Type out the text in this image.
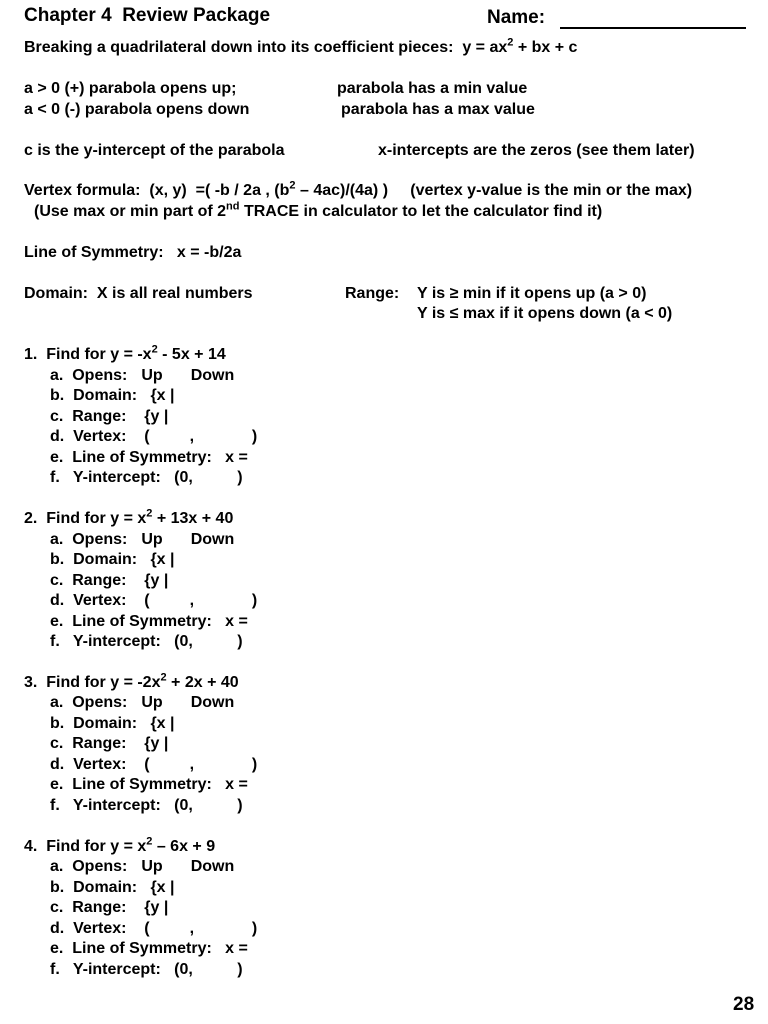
Chapter 4  Review Package	Name:
Breaking a quadrilateral down into its coefficient pieces:  $y = ax^2$ + bx + c
a > 0 (+) parabola opens up;	parabola has a min value
a < 0 (-) parabola opens down	parabola has a max value
c is the y-intercept of the parabola	x-intercepts are the zeros (see them later)
Vertex formula:  (x, y)  =( -b / 2a , $(b^2 - 4ac)/(4a)$ )     (vertex y-value is the min or the max)
(Use max or min part of 2nd TRACE in calculator to let the calculator find it)
Line of Symmetry:   x = -b/2a
Domain:  X is all real numbers	Range: Y is ≥ min if it opens up (a > 0)
Y is ≤ max if it opens down (a < 0)
1.  Find for $y = -x^2 - 5x + 14$
a.  Opens: Up Down
b.  Domain:   {x |
c.  Range:    {y |
d.  Vertex:    (         ,             )
e.  Line of Symmetry:   x =
f.   Y-intercept:   (0,          )
2.  Find for $y = x^2 + 13x + 40$
a.  Opens: Up Down
b.  Domain:   {x |
c.  Range:    {y |
d.  Vertex:    (         ,             )
e.  Line of Symmetry:   x =
f.   Y-intercept:   (0,          )
3.  Find for $y = -2x^2 + 2x + 40$
a.  Opens: Up Down
b.  Domain:   {x |
c.  Range:    {y |
d.  Vertex:    (         ,             )
e.  Line of Symmetry:   x =
f.   Y-intercept:   (0,          )
4.  Find for $y = x^2 - 6x + 9$
a.  Opens: Up Down
b.  Domain:   {x |
c.  Range:    {y |
d.  Vertex:    (         ,             )
e.  Line of Symmetry:   x =
f.   Y-intercept:   (0,          )
28
